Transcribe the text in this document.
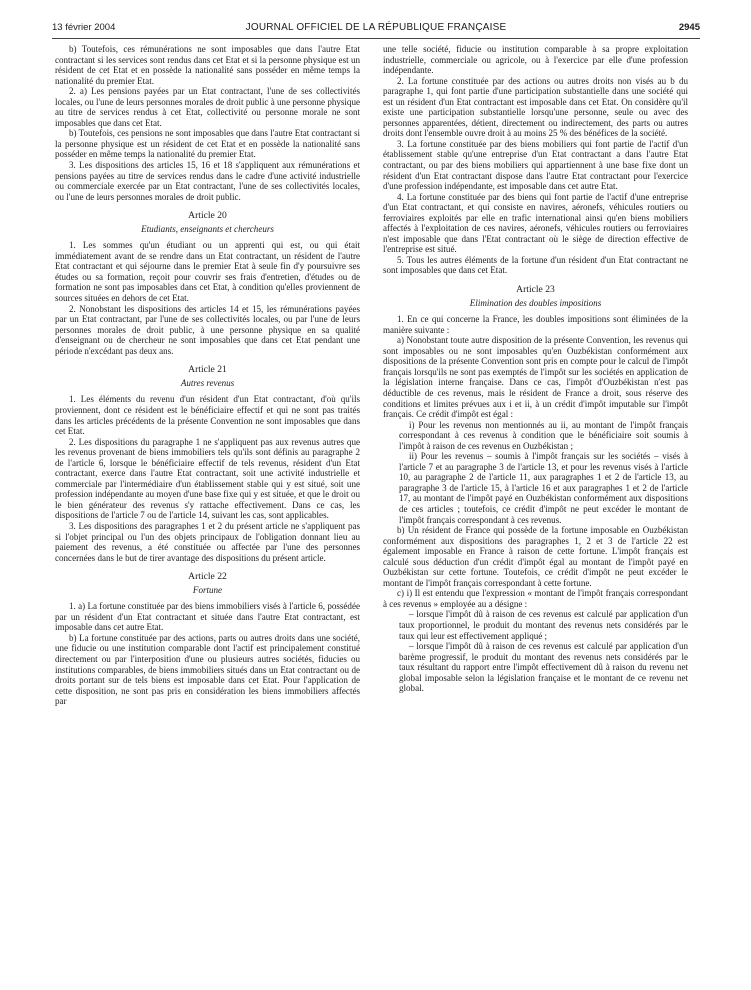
13 février 2004	JOURNAL OFFICIEL DE LA RÉPUBLIQUE FRANÇAISE	2945

b) Toutefois, ces rémunérations ne sont imposables que dans l'autre Etat contractant si les services sont rendus dans cet Etat et si la personne physique est un résident de cet Etat et en possède la nationalité sans posséder en même temps la nationalité du premier Etat.

2. a) Les pensions payées par un Etat contractant, l'une de ses collectivités locales, ou l'une de leurs personnes morales de droit public à une personne physique au titre de services rendus à cet Etat, collectivité ou personne morale ne sont imposables que dans cet Etat.

b) Toutefois, ces pensions ne sont imposables que dans l'autre Etat contractant si la personne physique est un résident de cet Etat et en possède la nationalité sans posséder en même temps la nationalité du premier Etat.

3. Les dispositions des articles 15, 16 et 18 s'appliquent aux rémunérations et pensions payées au titre de services rendus dans le cadre d'une activité industrielle ou commerciale exercée par un Etat contractant, l'une de ses collectivités locales, ou l'une de leurs personnes morales de droit public.

Article 20

Etudiants, enseignants et chercheurs

1. Les sommes qu'un étudiant ou un apprenti qui est, ou qui était immédiatement avant de se rendre dans un Etat contractant, un résident de l'autre Etat contractant et qui séjourne dans le premier Etat à seule fin d'y poursuivre ses études ou sa formation, reçoit pour couvrir ses frais d'entretien, d'études ou de formation ne sont pas imposables dans cet Etat, à condition qu'elles proviennent de sources situées en dehors de cet Etat.

2. Nonobstant les dispositions des articles 14 et 15, les rémunérations payées par un Etat contractant, par l'une de ses collectivités locales, ou par l'une de leurs personnes morales de droit public, à une personne physique en sa qualité d'enseignant ou de chercheur ne sont imposables que dans cet Etat pendant une période n'excédant pas deux ans.

Article 21

Autres revenus

1. Les éléments du revenu d'un résident d'un Etat contractant, d'où qu'ils proviennent, dont ce résident est le bénéficiaire effectif et qui ne sont pas traités dans les articles précédents de la présente Convention ne sont imposables que dans cet Etat.

2. Les dispositions du paragraphe 1 ne s'appliquent pas aux revenus autres que les revenus provenant de biens immobiliers tels qu'ils sont définis au paragraphe 2 de l'article 6, lorsque le bénéficiaire effectif de tels revenus, résident d'un Etat contractant, exerce dans l'autre Etat contractant, soit une activité industrielle et commerciale par l'intermédiaire d'un établissement stable qui y est situé, soit une profession indépendante au moyen d'une base fixe qui y est située, et que le droit ou le bien générateur des revenus s'y rattache effectivement. Dans ce cas, les dispositions de l'article 7 ou de l'article 14, suivant les cas, sont applicables.

3. Les dispositions des paragraphes 1 et 2 du présent article ne s'appliquent pas si l'objet principal ou l'un des objets principaux de l'obligation donnant lieu au paiement des revenus, a été constituée ou affectée par l'une des personnes concernées dans le but de tirer avantage des dispositions du présent article.

Article 22

Fortune

1. a) La fortune constituée par des biens immobiliers visés à l'article 6, possédée par un résident d'un Etat contractant et située dans l'autre Etat contractant, est imposable dans cet autre Etat.

b) La fortune constituée par des actions, parts ou autres droits dans une société, une fiducie ou une institution comparable dont l'actif est principalement constitué directement ou par l'interposition d'une ou plusieurs autres sociétés, fiducies ou institutions comparables, de biens immobiliers situés dans un Etat contractant ou de droits portant sur de tels biens est imposable dans cet Etat. Pour l'application de cette disposition, ne sont pas pris en considération les biens immobiliers affectés par

une telle société, fiducie ou institution comparable à sa propre exploitation industrielle, commerciale ou agricole, ou à l'exercice par elle d'une profession indépendante.

2. La fortune constituée par des actions ou autres droits non visés au b du paragraphe 1, qui font partie d'une participation substantielle dans une société qui est un résident d'un Etat contractant est imposable dans cet Etat. On considère qu'il existe une participation substantielle lorsqu'une personne, seule ou avec des personnes apparentées, détient, directement ou indirectement, des parts ou autres droits dont l'ensemble ouvre droit à au moins 25 % des bénéfices de la société.

3. La fortune constituée par des biens mobiliers qui font partie de l'actif d'un établissement stable qu'une entreprise d'un Etat contractant a dans l'autre Etat contractant, ou par des biens mobiliers qui appartiennent à une base fixe dont un résident d'un Etat contractant dispose dans l'autre Etat contractant pour l'exercice d'une profession indépendante, est imposable dans cet autre Etat.

4. La fortune constituée par des biens qui font partie de l'actif d'une entreprise d'un Etat contractant, et qui consiste en navires, aéronefs, véhicules routiers ou ferroviaires exploités par elle en trafic international ainsi qu'en biens mobiliers affectés à l'exploitation de ces navires, aéronefs, véhicules routiers ou ferroviaires n'est imposable que dans l'Etat contractant où le siège de direction effective de l'entreprise est situé.

5. Tous les autres éléments de la fortune d'un résident d'un Etat contractant ne sont imposables que dans cet Etat.

Article 23

Elimination des doubles impositions

1. En ce qui concerne la France, les doubles impositions sont éliminées de la manière suivante :

a) Nonobstant toute autre disposition de la présente Convention, les revenus qui sont imposables ou ne sont imposables qu'en Ouzbékistan conformément aux dispositions de la présente Convention sont pris en compte pour le calcul de l'impôt français lorsqu'ils ne sont pas exemptés de l'impôt sur les sociétés en application de la législation interne française. Dans ce cas, l'impôt d'Ouzbékistan n'est pas déductible de ces revenus, mais le résident de France a droit, sous réserve des conditions et limites prévues aux i et ii, à un crédit d'impôt imputable sur l'impôt français. Ce crédit d'impôt est égal :

i) Pour les revenus non mentionnés au ii, au montant de l'impôt français correspondant à ces revenus à condition que le bénéficiaire soit soumis à l'impôt à raison de ces revenus en Ouzbékistan ;

ii) Pour les revenus – soumis à l'impôt français sur les sociétés – visés à l'article 7 et au paragraphe 3 de l'article 13, et pour les revenus visés à l'article 10, au paragraphe 2 de l'article 11, aux paragraphes 1 et 2 de l'article 13, au paragraphe 3 de l'article 15, à l'article 16 et aux paragraphes 1 et 2 de l'article 17, au montant de l'impôt payé en Ouzbékistan conformément aux dispositions de ces articles ; toutefois, ce crédit d'impôt ne peut excéder le montant de l'impôt français correspondant à ces revenus.

b) Un résident de France qui possède de la fortune imposable en Ouzbékistan conformément aux dispositions des paragraphes 1, 2 et 3 de l'article 22 est également imposable en France à raison de cette fortune. L'impôt français est calculé sous déduction d'un crédit d'impôt égal au montant de l'impôt payé en Ouzbékistan sur cette fortune. Toutefois, ce crédit d'impôt ne peut excéder le montant de l'impôt français correspondant à cette fortune.

c) i) Il est entendu que l'expression « montant de l'impôt français correspondant à ces revenus » employée au a désigne :

– lorsque l'impôt dû à raison de ces revenus est calculé par application d'un taux proportionnel, le produit du montant des revenus nets considérés par le taux qui leur est effectivement appliqué ;

– lorsque l'impôt dû à raison de ces revenus est calculé par application d'un barème progressif, le produit du montant des revenus nets considérés par le taux résultant du rapport entre l'impôt effectivement dû à raison du revenu net global imposable selon la législation française et le montant de ce revenu net global.
